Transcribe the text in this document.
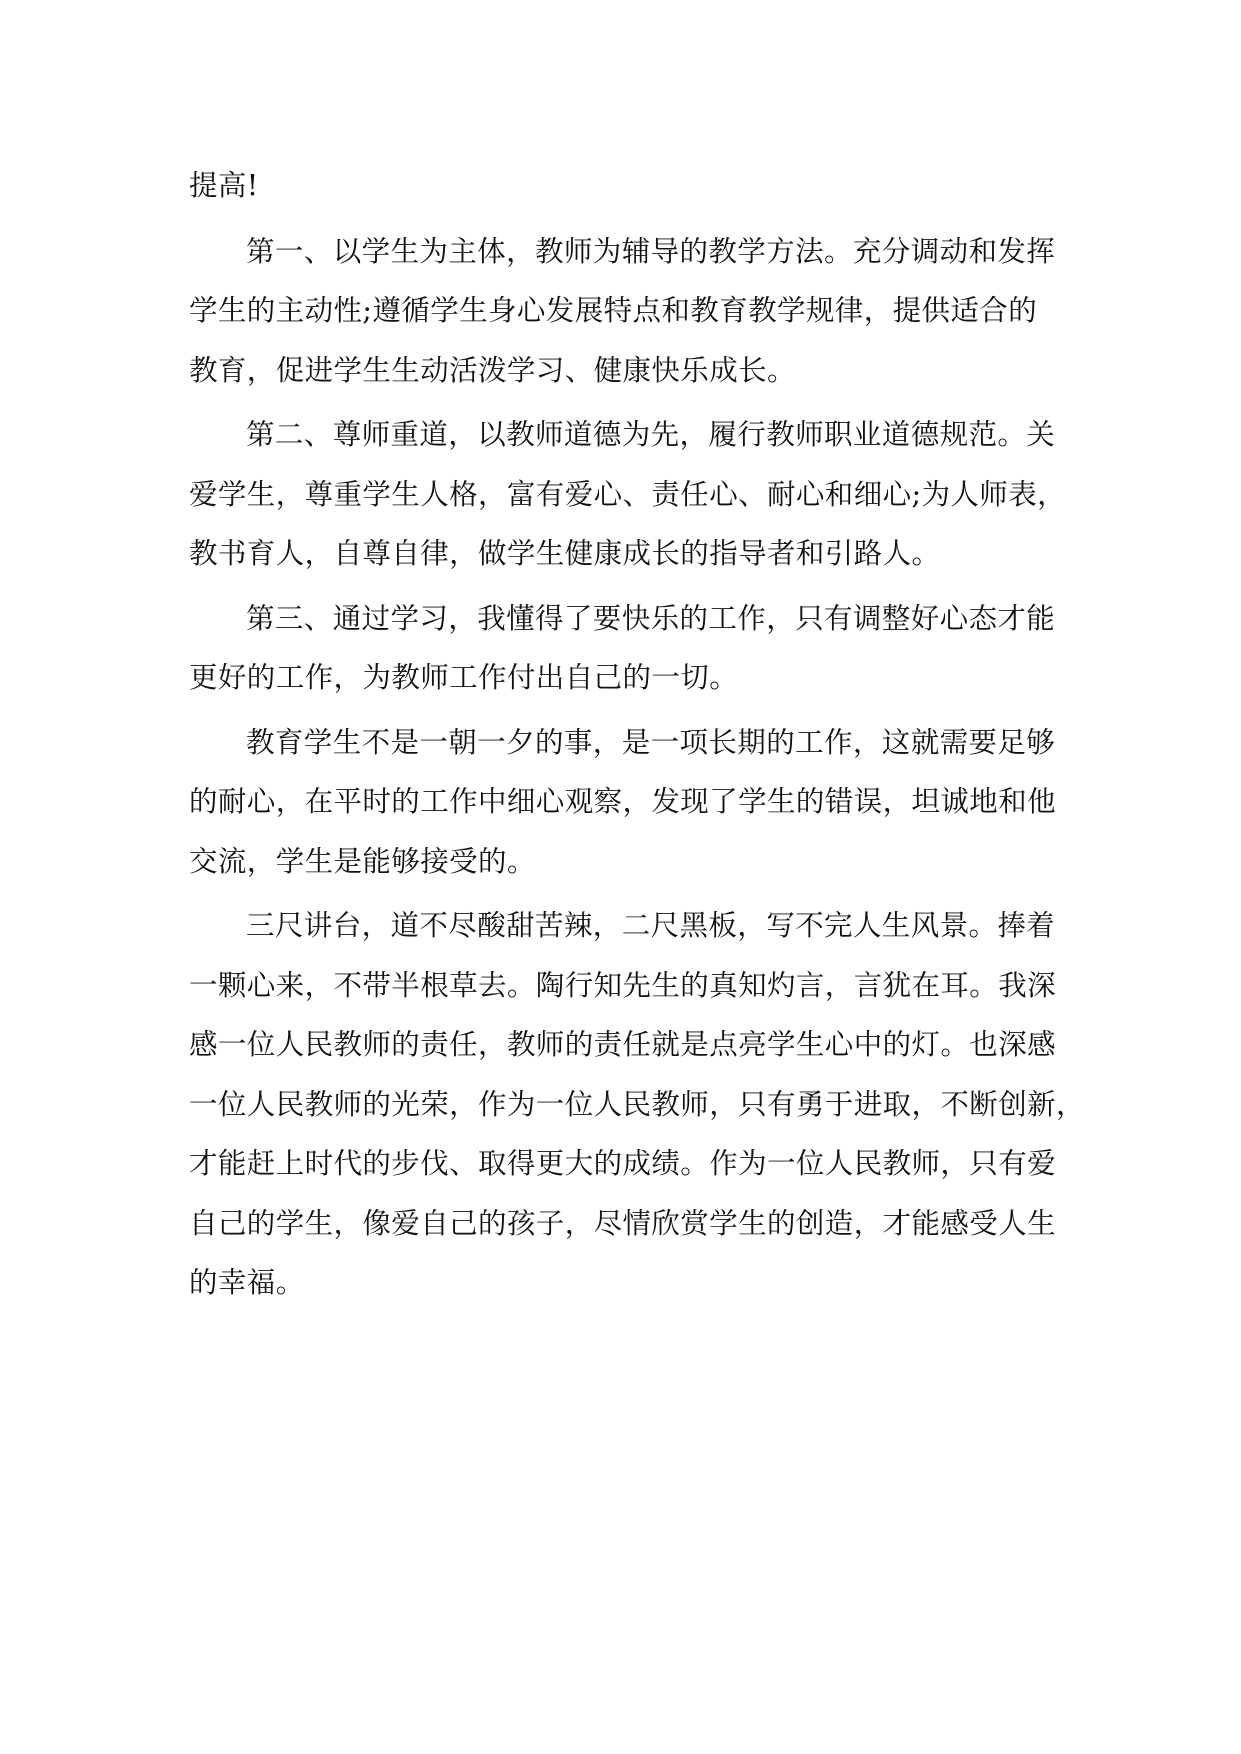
提高!

第一、以学生为主体，教师为辅导的教学方法。充分调动和发挥
学生的主动性;遵循学生身心发展特点和教育教学规律，提供适合的
教育，促进学生生动活泼学习、健康快乐成长。

第二、尊师重道，以教师道德为先，履行教师职业道德规范。关
爱学生，尊重学生人格，富有爱心、责任心、耐心和细心;为人师表，
教书育人，自尊自律，做学生健康成长的指导者和引路人。

第三、通过学习，我懂得了要快乐的工作，只有调整好心态才能
更好的工作，为教师工作付出自己的一切。

教育学生不是一朝一夕的事，是一项长期的工作，这就需要足够
的耐心，在平时的工作中细心观察，发现了学生的错误，坦诚地和他
交流，学生是能够接受的。

三尺讲台，道不尽酸甜苦辣，二尺黑板，写不完人生风景。捧着
一颗心来，不带半根草去。陶行知先生的真知灼言，言犹在耳。我深
感一位人民教师的责任，教师的责任就是点亮学生心中的灯。也深感
一位人民教师的光荣，作为一位人民教师，只有勇于进取，不断创新，
才能赶上时代的步伐、取得更大的成绩。作为一位人民教师，只有爱
自己的学生，像爱自己的孩子，尽情欣赏学生的创造，才能感受人生
的幸福。
